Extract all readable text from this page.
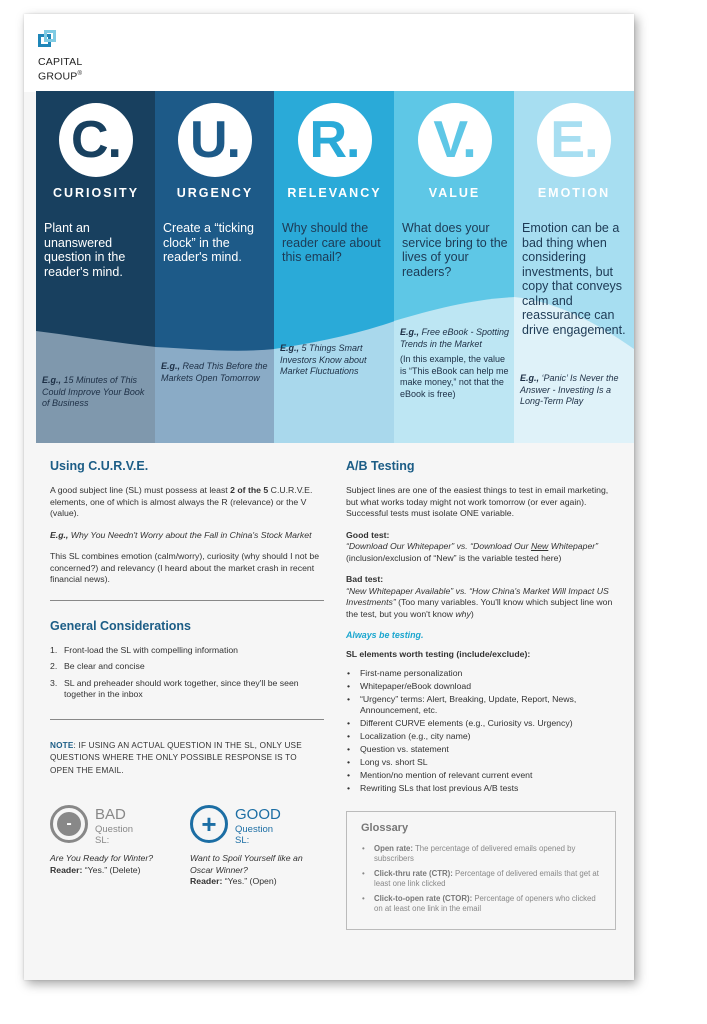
CAPITAL
GROUP®
C.
CURIOSITY
Plant an unanswered question in the reader's mind.
E.g., 15 Minutes of This Could Improve Your Book of Business
U.
URGENCY
Create a “ticking clock” in the reader's mind.
E.g., Read This Before the Markets Open Tomorrow
R.
RELEVANCY
Why should the reader care about this email?
E.g., 5 Things Smart Investors Know about Market Fluctuations
V.
VALUE
What does your service bring to the lives of your readers?
E.g., Free eBook - Spotting Trends in the Market
(In this example, the value is “This eBook can help me make money,” not that the eBook is free)
E.
EMOTION
Emotion can be a bad thing when considering investments, but copy that conveys calm and reassurance can drive engagement.
E.g., ‘Panic’ Is Never the Answer - Investing Is a Long-Term Play
Using C.U.R.V.E.

A good subject line (SL) must possess at least 2 of the 5 C.U.R.V.E. elements, one of which is almost always the R (relevance) or the V (value).

E.g., Why You Needn't Worry about the Fall in China's Stock Market

This SL combines emotion (calm/worry), curiosity (why should I not be concerned?) and relevancy (I heard about the market crash in recent financial news).

General Considerations
1. Front-load the SL with compelling information
2. Be clear and concise
3. SL and preheader should work together, since they'll be seen together in the inbox
NOTE: IF USING AN ACTUAL QUESTION IN THE SL, ONLY USE QUESTIONS WHERE THE ONLY POSSIBLE RESPONSE IS TO OPEN THE EMAIL.
-
BAD
Question SL:
Are You Ready for Winter?
Reader: “Yes.” (Delete)
+ GOOD
Question SL:
Want to Spoil Yourself like an Oscar Winner?
Reader: “Yes.” (Open)
A/B Testing

Subject lines are one of the easiest things to test in email marketing, but what works today might not work tomorrow (or ever again). Successful tests must isolate ONE variable.

Good test:
“Download Our Whitepaper” vs. “Download Our New Whitepaper” (inclusion/exclusion of “New” is the variable tested here)

Bad test:
“New Whitepaper Available” vs. “How China's Market Will Impact US Investments” (Too many variables. You'll know which subject line won the test, but you won't know why)

Always be testing.

SL elements worth testing (include/exclude):

• First-name personalization
• Whitepaper/eBook download
• “Urgency” terms: Alert, Breaking, Update, Report, News, Announcement, etc.
• Different CURVE elements (e.g., Curiosity vs. Urgency)
• Localization (e.g., city name)
• Question vs. statement
• Long vs. short SL
• Mention/no mention of relevant current event
• Rewriting SLs that lost previous A/B tests
Glossary
• Open rate: The percentage of delivered emails opened by subscribers
• Click-thru rate (CTR): Percentage of delivered emails that get at least one link clicked
• Click-to-open rate (CTOR): Percentage of openers who clicked on at least one link in the email
